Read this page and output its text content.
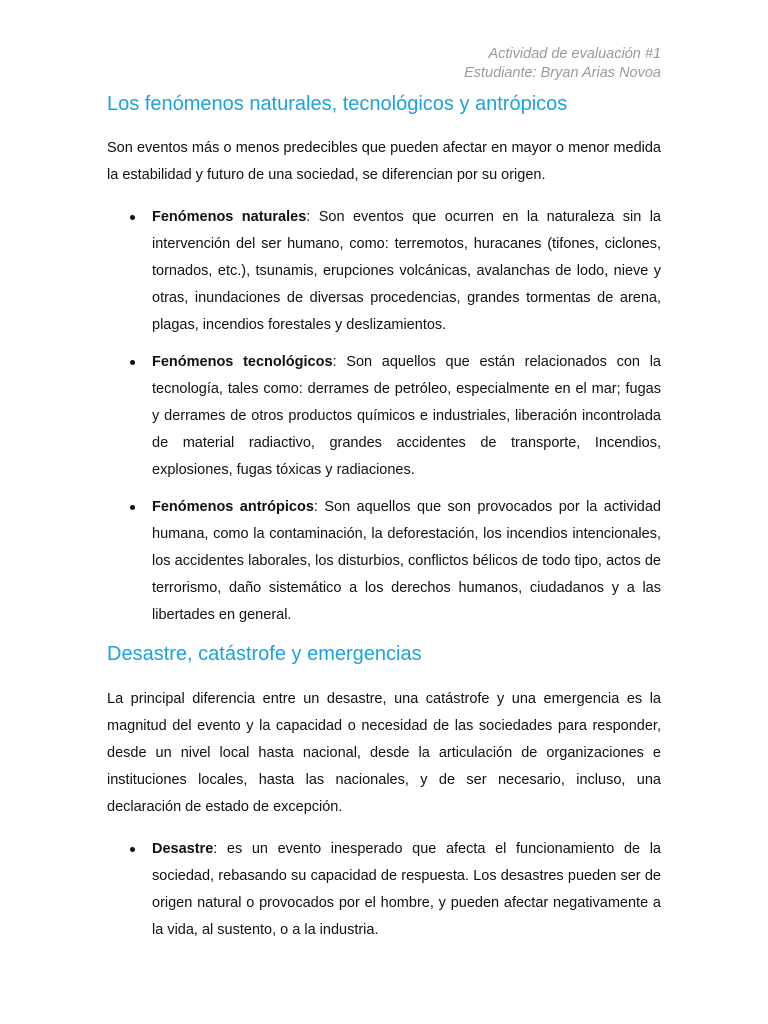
Actividad de evaluación #1
Estudiante: Bryan Arias Novoa
Los fenómenos naturales, tecnológicos y antrópicos

Son eventos más o menos predecibles que pueden afectar en mayor o menor medida la estabilidad y futuro de una sociedad, se diferencian por su origen.

Fenómenos naturales: Son eventos que ocurren en la naturaleza sin la intervención del ser humano, como: terremotos, huracanes (tifones, ciclones, tornados, etc.), tsunamis, erupciones volcánicas, avalanchas de lodo, nieve y otras, inundaciones de diversas procedencias, grandes tormentas de arena, plagas, incendios forestales y deslizamientos.
Fenómenos tecnológicos: Son aquellos que están relacionados con la tecnología, tales como: derrames de petróleo, especialmente en el mar; fugas y derrames de otros productos químicos e industriales, liberación incontrolada de material radiactivo, grandes accidentes de transporte, Incendios, explosiones, fugas tóxicas y radiaciones.
Fenómenos antrópicos: Son aquellos que son provocados por la actividad humana, como la contaminación, la deforestación, los incendios intencionales, los accidentes laborales, los disturbios, conflictos bélicos de todo tipo, actos de terrorismo, daño sistemático a los derechos humanos, ciudadanos y a las libertades en general.
Desastre, catástrofe y emergencias

La principal diferencia entre un desastre, una catástrofe y una emergencia es la magnitud del evento y la capacidad o necesidad de las sociedades para responder, desde un nivel local hasta nacional, desde la articulación de organizaciones e instituciones locales, hasta las nacionales, y de ser necesario, incluso, una declaración de estado de excepción.

Desastre: es un evento inesperado que afecta el funcionamiento de la sociedad, rebasando su capacidad de respuesta. Los desastres pueden ser de origen natural o provocados por el hombre, y pueden afectar negativamente a la vida, al sustento, o a la industria.
